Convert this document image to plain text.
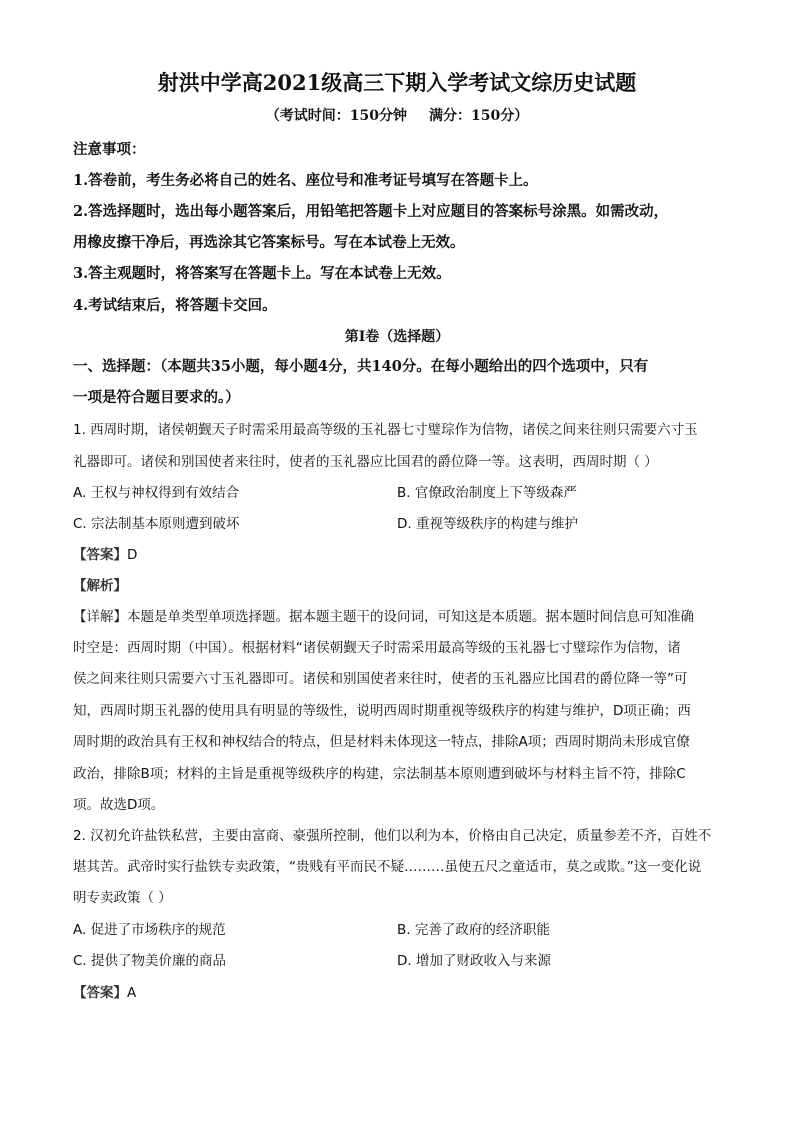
射洪中学高2021级高三下期入学考试文综历史试题
（考试时间：150分钟 满分：150分）
注意事项：
1.答卷前，考生务必将自己的姓名、座位号和准考证号填写在答题卡上。
2.答选择题时，选出每小题答案后，用铅笔把答题卡上对应题目的答案标号涂黑。如需改动，
用橡皮擦干净后，再选涂其它答案标号。写在本试卷上无效。
3.答主观题时，将答案写在答题卡上。写在本试卷上无效。
4.考试结束后，将答题卡交回。
第I卷（选择题）
一、选择题：（本题共35小题，每小题4分，共140分。在每小题给出的四个选项中，只有
一项是符合题目要求的。）
1. 西周时期，诸侯朝觐天子时需采用最高等级的玉礼器七寸璧琮作为信物，诸侯之间来往则只需要六寸玉
礼器即可。诸侯和别国使者来往时，使者的玉礼器应比国君的爵位降一等。这表明，西周时期（ ）
A. 王权与神权得到有效结合	B. 官僚政治制度上下等级森严
C. 宗法制基本原则遭到破坏	D. 重视等级秩序的构建与维护
【答案】D
【解析】
【详解】本题是单类型单项选择题。据本题主题干的设问词，可知这是本质题。据本题时间信息可知准确
时空是：西周时期（中国）。根据材料“诸侯朝觐天子时需采用最高等级的玉礼器七寸璧琮作为信物，诸
侯之间来往则只需要六寸玉礼器即可。诸侯和别国使者来往时，使者的玉礼器应比国君的爵位降一等”可
知，西周时期玉礼器的使用具有明显的等级性，说明西周时期重视等级秩序的构建与维护，D项正确；西
周时期的政治具有王权和神权结合的特点，但是材料未体现这一特点，排除A项；西周时期尚未形成官僚
政治，排除B项；材料的主旨是重视等级秩序的构建，宗法制基本原则遭到破坏与材料主旨不符，排除C
项。故选D项。
2. 汉初允许盐铁私营，主要由富商、豪强所控制，他们以利为本，价格由自己决定，质量参差不齐，百姓不
堪其苦。武帝时实行盐铁专卖政策，“贵贱有平而民不疑………虽使五尺之童适市，莫之或欺。”这一变化说
明专卖政策（ ）
A. 促进了市场秩序的规范	B. 完善了政府的经济职能
C. 提供了物美价廉的商品	D. 增加了财政收入与来源
【答案】A
